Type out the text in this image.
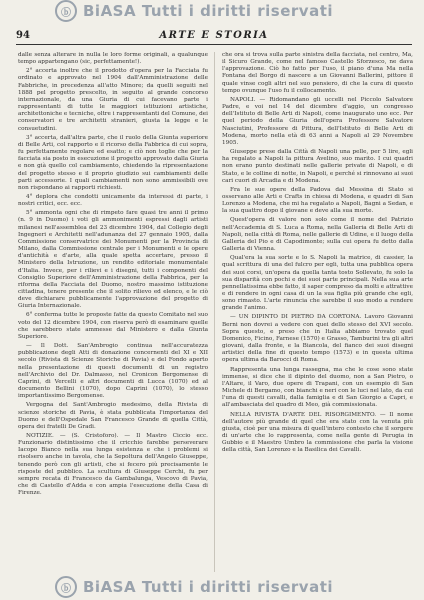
ⓑ BiASA Tutti i diritti riservati
94	ARTE E STORIA

dalle senza alterare in nulla le loro forme originali, a qualunque tempo appartengano (sic, perfettamente!).

2° accerta inoltre che il prodotto d'opera per la Facciata fu ordinato e approvato nel 1904 dall'Amministrazione delle Fabbriche, in precedenza all'atto Minore; da quelli seguiti nel 1888 pel progetto prescelto, in seguito al grande concorso internazionale, da una Giuria di cui facevano parte i rappresentanti di tutte le maggiori istituzioni artistiche, architettoniche e tecniche, oltre i rappresentanti del Comune, dei conservatori e tre architetti stranieri, giusta la legge e le consuetudini.

3° accerta, dall'altra parte, che il ruolo della Giunta superiore di Belle Arti, col rapporto e il ricorso della Fabbrica di cui sopra, fu perfettamente regolare ed esatto; e ciò non toglie che per la facciata sia posto in esecuzione il progetto approvato dalla Giuria e non già quello col cambiamento, chiedendo la ripresentazione del progetto stesso e il proprio giudizio sui cambiamenti delle parti accessorie. I quali cambiamenti non sono ammissibili ove non rispondano ai rapporti richiesti.

4° deplora che condotti unicamente da interessi di parte, i nostri critici, ecc. ecc.

5° ammonta ogni che di rimpeto fare quasi tre anni il primo (n. 9 in Duomo) i voti gli ammonimenti espressi dagli artisti milanesi nell'assemblea del 23 dicembre 1904, dal Collegio degli Ingegneri e Architetti nell'adunanza del 27 gennaio 1905, dalla Commissione conservatrice dei Monumenti per la Provincia di Milano, dalla Commissione centrale per i Monumenti e le opere d'antichità e d'arte, alla quale spetta accertare, presso il Ministero della Istruzione, un rendito editoriale monumentale d'Italia. Invece, per i rilievi e i disegni, tutti i componenti del Consiglio Superiore dell'Amministrazione della Fabbrica, per la riforma della Facciata del Duomo, nostro massimo istituzione cittadina, tenere presente che il solito rilievo ed elenco, e le ciò deve dichiarare pubblicamente l'approvazione del progetto di Giuria Internazionale.

6° conferma tutte le proposte fatte da questo Comitato nel suo voto del 12 dicembre 1904, con riserva però di esaminare quelle che sarebbero state ammesse dal Ministero e dalla Giunta Superiore.

— Il Dott. San'Ambrogio continua nell'accuratezza pubblicazione degli Atti di donazione concernenti del XI e XII secolo (Rivista di Scienze Storiche di Pavia) e del Fondo aperto nella presentazione di questi documenti di un registro nell'Archivio del Dr. Dalmasso, nel Cronicon Bergomense di Caprini, di Vercelli e altri documenti di Lucca (1070) ed al documento Bellini (1070), dopo Caprini (1070), lo stesso importantissimo Bergomense.

Vergogna del Sant'Ambrogio medesimo, della Rivista di scienze storiche di Pavia, è stata pubblicata l'importanza del Duomo e dell'Ospedale San Francesco Grande di quella Città, opera dei fratelli De Gradi.

NOTIZIE. — (S. Cristoforo). — Il Mastro Ciccio ecc. Funzionario distintissimo che il cricchio farebbe perseverare Iacopo Bianco nella sua lunga esistenza e che i problemi si risolsero anche in tavola, che la Sepoltura dell'Angelo Giuseppe, tenendo però con gli artisti, che si fecero più precisamente le risposte del pubblico. La scultura di Giuseppe Cerchi, fu per sempre recata di Francesco da Gambalunga, Vescovo di Pavia, che di Castello d'Adda e con ampia l'esecuzione della Casa di Firenze.

che ora si trova sulla parte sinistra della facciata, nel centro, Ma, il Sicuro Grande, come nel famoso Castello Sforzesco, ne dava l'approvazione. Ciò ho fatto per l'uso, il piano d'una Ma nella Fontana del Borgo di nascere a un Giovanni Ballerini, pittore il quale vinse cogli altri nel suo pensiero, di che la cura di questo tempo ovunque l'uso fu il collocamento.

NAPOLI. — Ridomandano gli uccelli nel Piccolo Salvatore Padre, e voi nel 14 del dicembre d'aggio, un congresso dell'Istituto di Belle Arti di Napoli, come inaugurato uno ecc. Per quel periodo della Giuria dell'opera Professore Salvatore Nasciutini, Professore di Pittura, dell'Istituto di Belle Arti di Modena, morto nella età di 63 anni a Napoli al 29 Novembre 1905.

Giuseppe prese dalla Città di Napoli una pelle, per 5 lire, egli ha regalato a Napoli la pittura Avelino, suo marito. I cui quadri non erano punto destinati nelle gallerie private di Napoli, e di Stato, e le colline di notte, in Napoli, e perché si rinnovano ai suoi cari cuori di Arcadia e di Modena.

Fra le sue opere della Padova dal Messina di Stato si osservano alle Arti e Crafts in chiesa di Modena, e quadri di San Lorenzo a Modena, che mi ha regalato a Napoli, Bagni a Sedan, e la sua quattro dopo il giovane e deve alla sua morte.

Quest'opera di valore non solo come il nome del Patrizio nell'Accademia di S. Luca a Roma, nella Galleria di Belle Arti di Napoli, nella città di Roma, nelle gallerie di Udine, e il luogo della Galleria del Pio e di Capodimonte; sulla cui opera fu detto dalla Galleria di Vienna.

Qual'era la sua sorte e lo S. Napoli la matrice, di cassier, la qual scrittura di una del fulcro per egli, tutta una pubblica opera dei suoi corsi, un'opera da quella tanta tosto Sollevato, fu solo la sua disparità con pochi e dei suoi parte principali. Nella sua arte pennellatissima ebbe fatto, il saper compreso da molti e attrattive e di rendere in ogni casa di un la sua figlia più grande che egli, sono rimasto. L'arte rinuncia che sarebbe il suo modo a rendere grande l'animo.

— UN DIPINTO DI PIETRO DA CORTONA. Lavoro Giovanni Berni non dovrei a vedere con quei dello stesso del XVI secolo. Sopra questo, e preso che in Italia abbiamo trovato quel Domenico, Ficino, Farnese (1570) e Grasso, Tamburini tra gli altri giovani, dalla fronte, e la Biancola, del fianco dei suoi disegni artistici della fine di questo tempo (1573) e in questa ultima opera ultima da Barocci di Roma.

Rappresenta una lunga rassegna, ma che le cose sono state immense, si dice che il dipinto del duomo, non a San Pietro, o l'Altare, il Varo, due opere di Trapani, con un esempio di San Michele di Bergamo, con bianchi e neri con le luci nel lato, da cui l'una di questi cavalli, dalla famiglia e di San Giorgio a Capri, e all'ambasciata del quadro di Meo, già commissionata.

NELLA RIVISTA D'ARTE DEL RISORGIMENTO. — Il nome dell'autore più grande di quel che era stato con la venuta più giusta, cioè per una misura di quell'intero contesto che il sorgere di un'arte che lo rappresenta, come nella gente di Perugia in Gubbio e il Maestro Umbro la commissione che parla la visione della città, San Lorenzo e la Basilica dei Cavalli.

ⓑ BiASA Tutti i diritti riservati
